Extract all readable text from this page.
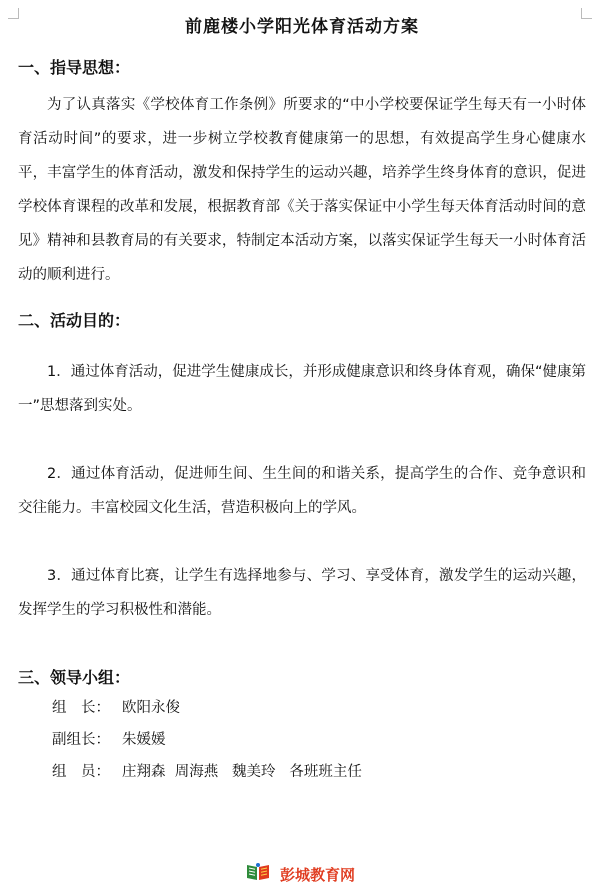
前鹿楼小学阳光体育活动方案
一、指导思想：

为了认真落实《学校体育工作条例》所要求的“中小学校要保证学生每天有一小时体育活动时间”的要求，进一步树立学校教育健康第一的思想，有效提高学生身心健康水平，丰富学生的体育活动，激发和保持学生的运动兴趣，培养学生终身体育的意识，促进学校体育课程的改革和发展，根据教育部《关于落实保证中小学生每天体育活动时间的意见》精神和县教育局的有关要求，特制定本活动方案，以落实保证学生每天一小时体育活动的顺利进行。

二、活动目的：

1．通过体育活动，促进学生健康成长，并形成健康意识和终身体育观，确保“健康第一”思想落到实处。

2．通过体育活动，促进师生间、生生间的和谐关系，提高学生的合作、竞争意识和交往能力。丰富校园文化生活，营造积极向上的学风。

3．通过体育比赛，让学生有选择地参与、学习、享受体育，激发学生的运动兴趣，发挥学生的学习积极性和潜能。

三、领导小组：

组　长： 欧阳永俊

副组长： 朱媛媛

组　员： 庄翔森  周海燕   魏美玲   各班班主任

彭城教育网
